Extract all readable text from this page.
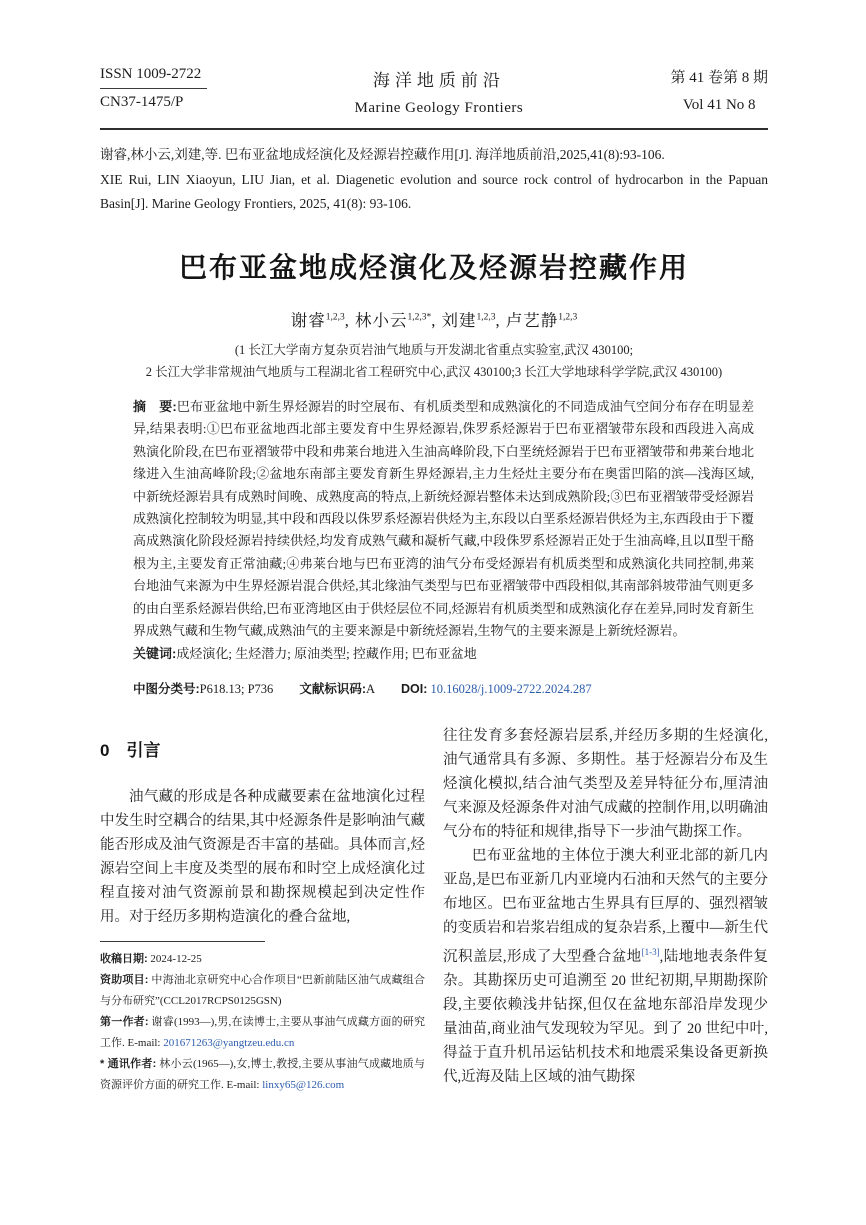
ISSN 1009-2722
CN37-1475/P
海洋地质前沿
Marine Geology Frontiers
第 41 卷第 8 期
Vol 41 No 8

谢睿,林小云,刘建,等. 巴布亚盆地成烃演化及烃源岩控藏作用[J]. 海洋地质前沿,2025,41(8):93-106.

XIE Rui, LIN Xiaoyun, LIU Jian, et al. Diagenetic evolution and source rock control of hydrocarbon in the Papuan Basin[J]. Marine Geology Frontiers, 2025, 41(8): 93-106.

巴布亚盆地成烃演化及烃源岩控藏作用
谢睿$^{1,2,3}$, 林小云$^{1,2,3*}$, 刘建$^{1,2,3}$, 卢艺静$^{1,2,3}$
(1 长江大学南方复杂页岩油气地质与开发湖北省重点实验室,武汉 430100;
2 长江大学非常规油气地质与工程湖北省工程研究中心,武汉 430100;3 长江大学地球科学学院,武汉 430100)

摘　要:巴布亚盆地中新生界烃源岩的时空展布、有机质类型和成熟演化的不同造成油气空间分布存在明显差异,结果表明:①巴布亚盆地西北部主要发育中生界烃源岩,侏罗系烃源岩于巴布亚褶皱带东段和西段进入高成熟演化阶段,在巴布亚褶皱带中段和弗莱台地进入生油高峰阶段,下白垩统烃源岩于巴布亚褶皱带和弗莱台地北缘进入生油高峰阶段;②盆地东南部主要发育新生界烃源岩,主力生烃灶主要分布在奥雷凹陷的滨—浅海区域,中新统烃源岩具有成熟时间晚、成熟度高的特点,上新统烃源岩整体未达到成熟阶段;③巴布亚褶皱带受烃源岩成熟演化控制较为明显,其中段和西段以侏罗系烃源岩供烃为主,东段以白垩系烃源岩供烃为主,东西段由于下覆高成熟演化阶段烃源岩持续供烃,均发育成熟气藏和凝析气藏,中段侏罗系烃源岩正处于生油高峰,且以Ⅱ型干酪根为主,主要发育正常油藏;④弗莱台地与巴布亚湾的油气分布受烃源岩有机质类型和成熟演化共同控制,弗莱台地油气来源为中生界烃源岩混合供烃,其北缘油气类型与巴布亚褶皱带中西段相似,其南部斜坡带油气则更多的由白垩系烃源岩供给,巴布亚湾地区由于供烃层位不同,烃源岩有机质类型和成熟演化存在差异,同时发育新生界成熟气藏和生物气藏,成熟油气的主要来源是中新统烃源岩,生物气的主要来源是上新统烃源岩。

关键词:成烃演化; 生烃潜力; 原油类型; 控藏作用; 巴布亚盆地

中图分类号:P618.13; P736 文献标识码:A DOI: 10.16028/j.1009-2722.2024.287

0　引言

油气藏的形成是各种成藏要素在盆地演化过程中发生时空耦合的结果,其中烃源条件是影响油气藏能否形成及油气资源是否丰富的基础。具体而言,烃源岩空间上丰度及类型的展布和时空上成烃演化过程直接对油气资源前景和勘探规模起到决定性作用。对于经历多期构造演化的叠合盆地,

收稿日期: 2024-12-25

资助项目: 中海油北京研究中心合作项目“巴新前陆区油气成藏组合与分布研究”(CCL2017RCPS0125GSN)

第一作者: 谢睿(1993—),男,在读博士,主要从事油气成藏方面的研究工作. E-mail: 201671263@yangtzeu.edu.cn

* 通讯作者: 林小云(1965—),女,博士,教授,主要从事油气成藏地质与资源评价方面的研究工作. E-mail: linxy65@126.com

往往发育多套烃源岩层系,并经历多期的生烃演化,油气通常具有多源、多期性。基于烃源岩分布及生烃演化模拟,结合油气类型及差异特征分布,厘清油气来源及烃源条件对油气成藏的控制作用,以明确油气分布的特征和规律,指导下一步油气勘探工作。

巴布亚盆地的主体位于澳大利亚北部的新几内亚岛,是巴布亚新几内亚境内石油和天然气的主要分布地区。巴布亚盆地古生界具有巨厚的、强烈褶皱的变质岩和岩浆岩组成的复杂岩系,上覆中—新生代沉积盖层,形成了大型叠合盆地[1-3],陆地地表条件复杂。其勘探历史可追溯至 20 世纪初期,早期勘探阶段,主要依赖浅井钻探,但仅在盆地东部沿岸发现少量油苗,商业油气发现较为罕见。到了 20 世纪中叶,得益于直升机吊运钻机技术和地震采集设备更新换代,近海及陆上区域的油气勘探
